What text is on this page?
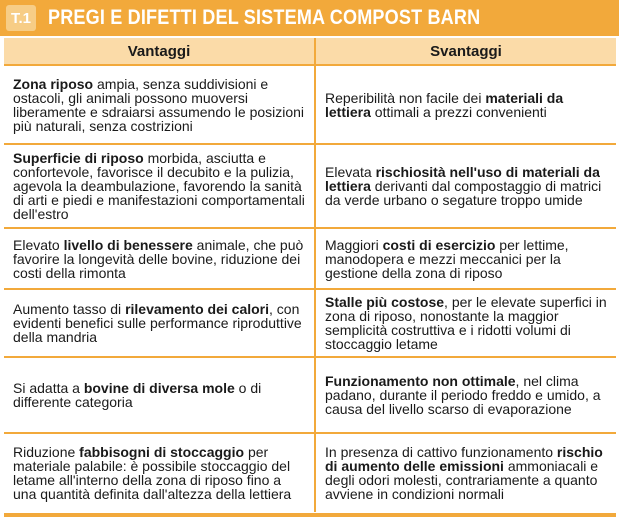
T.1 PREGI E DIFETTI DEL SISTEMA COMPOST BARN
Vantaggi	Svantaggi
Zona riposo ampia, senza suddivisioni e ostacoli, gli animali possono muoversi liberamente e sdraiarsi assumendo le posizioni più naturali, senza costrizioni	Reperibilità non facile dei materiali da lettiera ottimali a prezzi convenienti
Superficie di riposo morbida, asciutta e confortevole, favorisce il decubito e la pulizia, agevola la deambulazione, favorendo la sanità di arti e piedi e manifestazioni comportamentali dell'estro	Elevata rischiosità nell'uso di materiali da lettiera derivanti dal compostaggio di matrici da verde urbano o segature troppo umide
Elevato livello di benessere animale, che può favorire la longevità delle bovine, riduzione dei costi della rimonta	Maggiori costi di esercizio per lettime, manodopera e mezzi meccanici per la gestione della zona di riposo
Aumento tasso di rilevamento dei calori, con evidenti benefici sulle performance riproduttive della mandria	Stalle più costose, per le elevate superfici in zona di riposo, nonostante la maggior semplicità costruttiva e i ridotti volumi di stoccaggio letame
Si adatta a bovine di diversa mole o di differente categoria	Funzionamento non ottimale, nel clima padano, durante il periodo freddo e umido, a causa del livello scarso di evaporazione
Riduzione fabbisogni di stoccaggio per materiale palabile: è possibile stoccaggio del letame all'interno della zona di riposo fino a una quantità definita dall'altezza della lettiera	In presenza di cattivo funzionamento rischio di aumento delle emissioni ammoniacali e degli odori molesti, contrariamente a quanto avviene in condizioni normali
